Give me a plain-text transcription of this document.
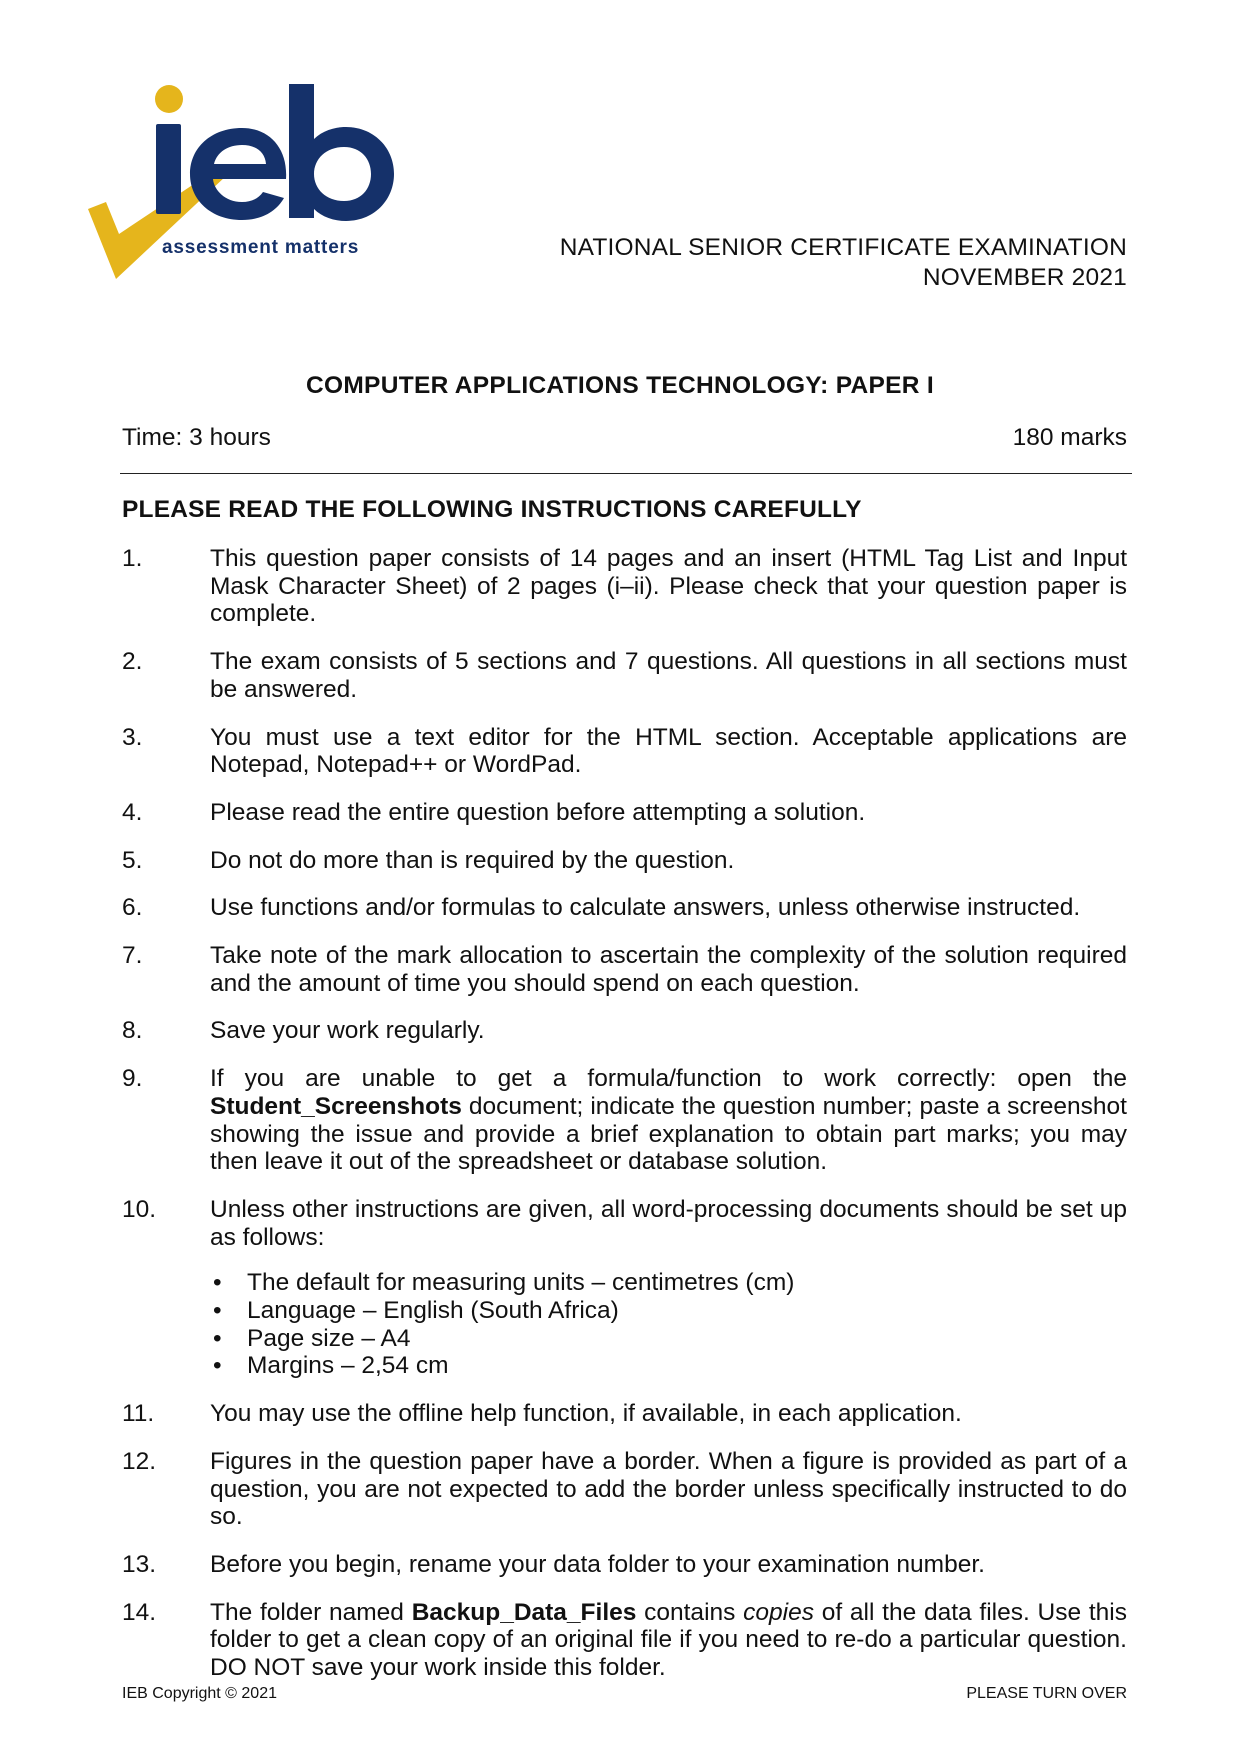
assessment matters	NATIONAL SENIOR CERTIFICATE EXAMINATION
NOVEMBER 2021
COMPUTER APPLICATIONS TECHNOLOGY: PAPER I
Time: 3 hours	180 marks
PLEASE READ THE FOLLOWING INSTRUCTIONS CAREFULLY
1.	This question paper consists of 14 pages and an insert (HTML Tag List and Input Mask Character Sheet) of 2 pages (i–ii). Please check that your question paper is complete.
2.	The exam consists of 5 sections and 7 questions. All questions in all sections must be answered.
3.	You must use a text editor for the HTML section. Acceptable applications are Notepad, Notepad++ or WordPad.
4.	Please read the entire question before attempting a solution.
5.	Do not do more than is required by the question.
6.	Use functions and/or formulas to calculate answers, unless otherwise instructed.
7.	Take note of the mark allocation to ascertain the complexity of the solution required and the amount of time you should spend on each question.
8.	Save your work regularly.
9.	If you are unable to get a formula/function to work correctly: open the Student_Screenshots document; indicate the question number; paste a screenshot showing the issue and provide a brief explanation to obtain part marks; you may then leave it out of the spreadsheet or database solution.
10.	Unless other instructions are given, all word-processing documents should be set up as follows:
• The default for measuring units – centimetres (cm)
• Language – English (South Africa)
• Page size – A4
• Margins – 2,54 cm
11.	You may use the offline help function, if available, in each application.
12.	Figures in the question paper have a border. When a figure is provided as part of a question, you are not expected to add the border unless specifically instructed to do so.
13.	Before you begin, rename your data folder to your examination number.
14.	The folder named Backup_Data_Files contains copies of all the data files. Use this folder to get a clean copy of an original file if you need to re-do a particular question. DO NOT save your work inside this folder.
IEB Copyright © 2021	PLEASE TURN OVER
